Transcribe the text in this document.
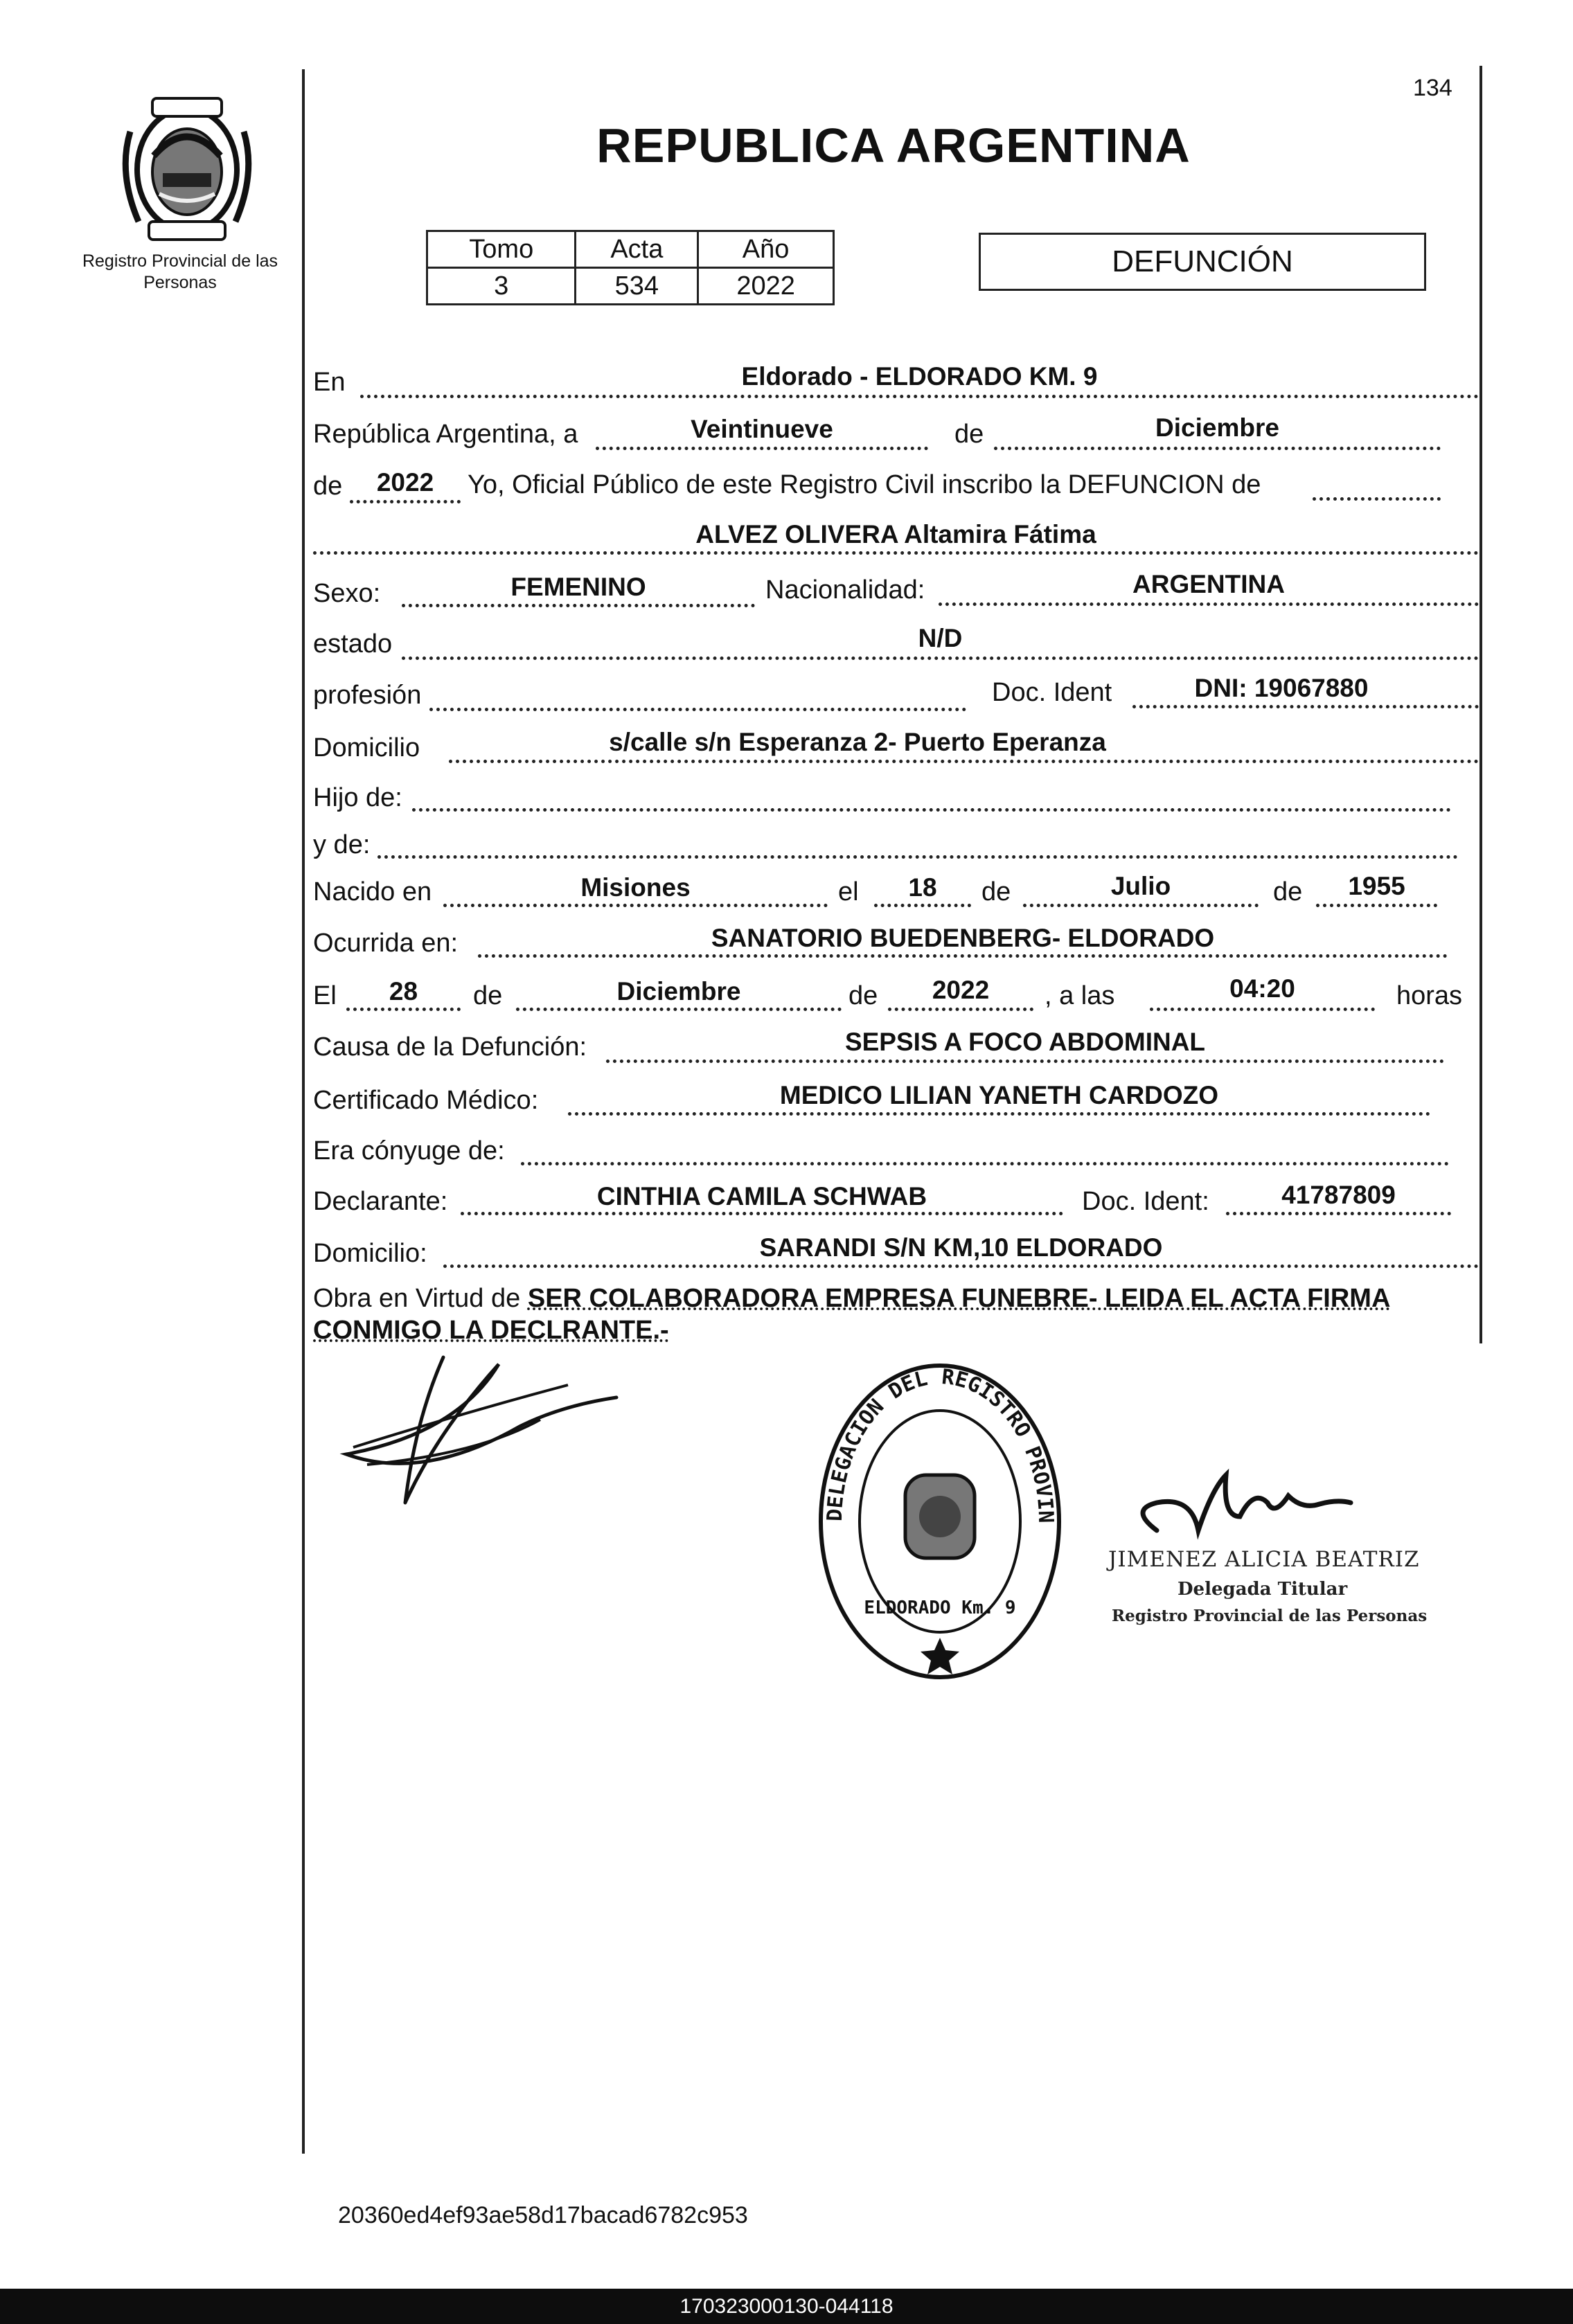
134
Registro Provincial de las Personas
REPUBLICA ARGENTINA
Tomo	Acta	Año
3	534	2022
DEFUNCIÓN
En	Eldorado - ELDORADO KM. 9
República Argentina, a	Veintinueve	de	Diciembre
de	2022	Yo, Oficial Público de este Registro Civil inscribo la DEFUNCION de
ALVEZ OLIVERA Altamira Fátima
Sexo:	FEMENINO	Nacionalidad:	ARGENTINA
estado	N/D
profesión	Doc. Ident	DNI: 19067880
Domicilio	s/calle s/n Esperanza 2- Puerto Eperanza
Hijo de:
y de:
Nacido en	Misiones	el	18	de	Julio	de	1955
Ocurrida en:	SANATORIO BUEDENBERG- ELDORADO
El	28	de	Diciembre	de	2022	, a las	04:20	horas
Causa de la Defunción:	SEPSIS A FOCO ABDOMINAL
Certificado Médico:	MEDICO LILIAN YANETH CARDOZO
Era cónyuge de:
Declarante:	CINTHIA CAMILA SCHWAB	Doc. Ident:	41787809
Domicilio:	SARANDI S/N KM,10 ELDORADO
Obra en Virtud de SER COLABORADORA EMPRESA FUNEBRE- LEIDA EL ACTA FIRMA CONMIGO LA DECLRANTE.-
DELEGACION DEL REGISTRO PROVIN
ELDORADO Km. 9
JIMENEZ ALICIA BEATRIZ
Delegada Titular
Registro Provincial de las Personas
20360ed4ef93ae58d17bacad6782c953
170323000130-044118
